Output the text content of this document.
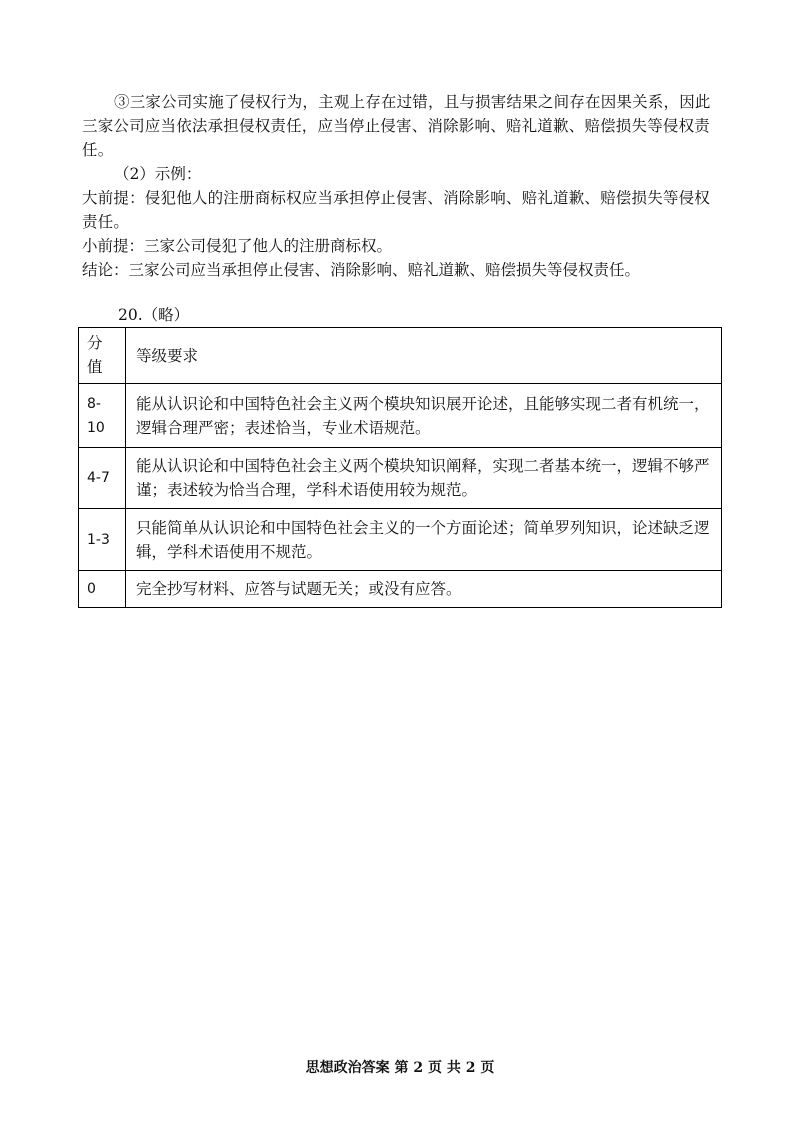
③三家公司实施了侵权行为，主观上存在过错，且与损害结果之间存在因果关系，因此三家公司应当依法承担侵权责任，应当停止侵害、消除影响、赔礼道歉、赔偿损失等侵权责任。
（2）示例：
大前提：侵犯他人的注册商标权应当承担停止侵害、消除影响、赔礼道歉、赔偿损失等侵权责任。
小前提：三家公司侵犯了他人的注册商标权。
结论：三家公司应当承担停止侵害、消除影响、赔礼道歉、赔偿损失等侵权责任。
20.（略）
分值	等级要求
8-10	能从认识论和中国特色社会主义两个模块知识展开论述，且能够实现二者有机统一，逻辑合理严密；表述恰当，专业术语规范。
4-7	能从认识论和中国特色社会主义两个模块知识阐释，实现二者基本统一，逻辑不够严谨；表述较为恰当合理，学科术语使用较为规范。
1-3	只能简单从认识论和中国特色社会主义的一个方面论述；简单罗列知识，论述缺乏逻辑，学科术语使用不规范。
0	完全抄写材料、应答与试题无关；或没有应答。
思想政治答案 第 2 页 共 2 页
